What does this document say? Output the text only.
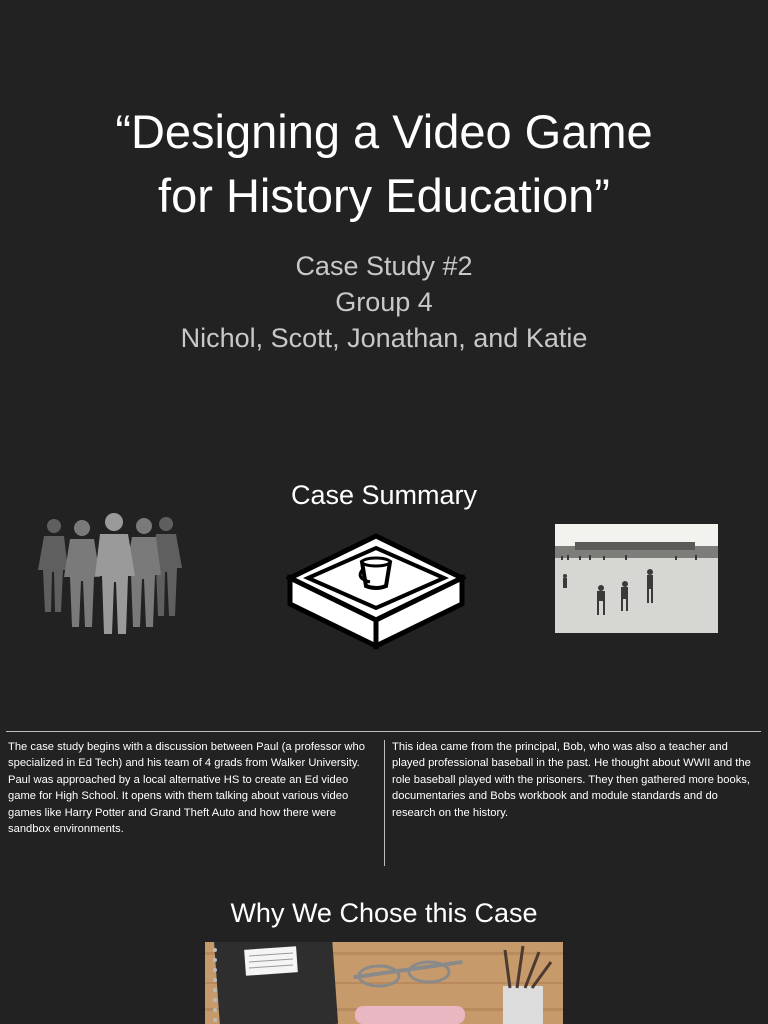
“Designing a Video Game
for History Education”
Case Study #2
Group 4
Nichol, Scott, Jonathan, and Katie
Case Summary

The case study begins with a discussion between Paul (a professor who specialized in Ed Tech) and his team of 4 grads from Walker University. Paul was approached by a local alternative HS to create an Ed video game for High School. It opens with them talking about various video games like Harry Potter and Grand Theft Auto and how there were sandbox environments.

This idea came from the principal, Bob, who was also a teacher and played professional baseball in the past. He thought about WWII and the role baseball played with the prisoners. They then gathered more books, documentaries and Bobs workbook and module standards and do research on the history.

Why We Chose this Case
